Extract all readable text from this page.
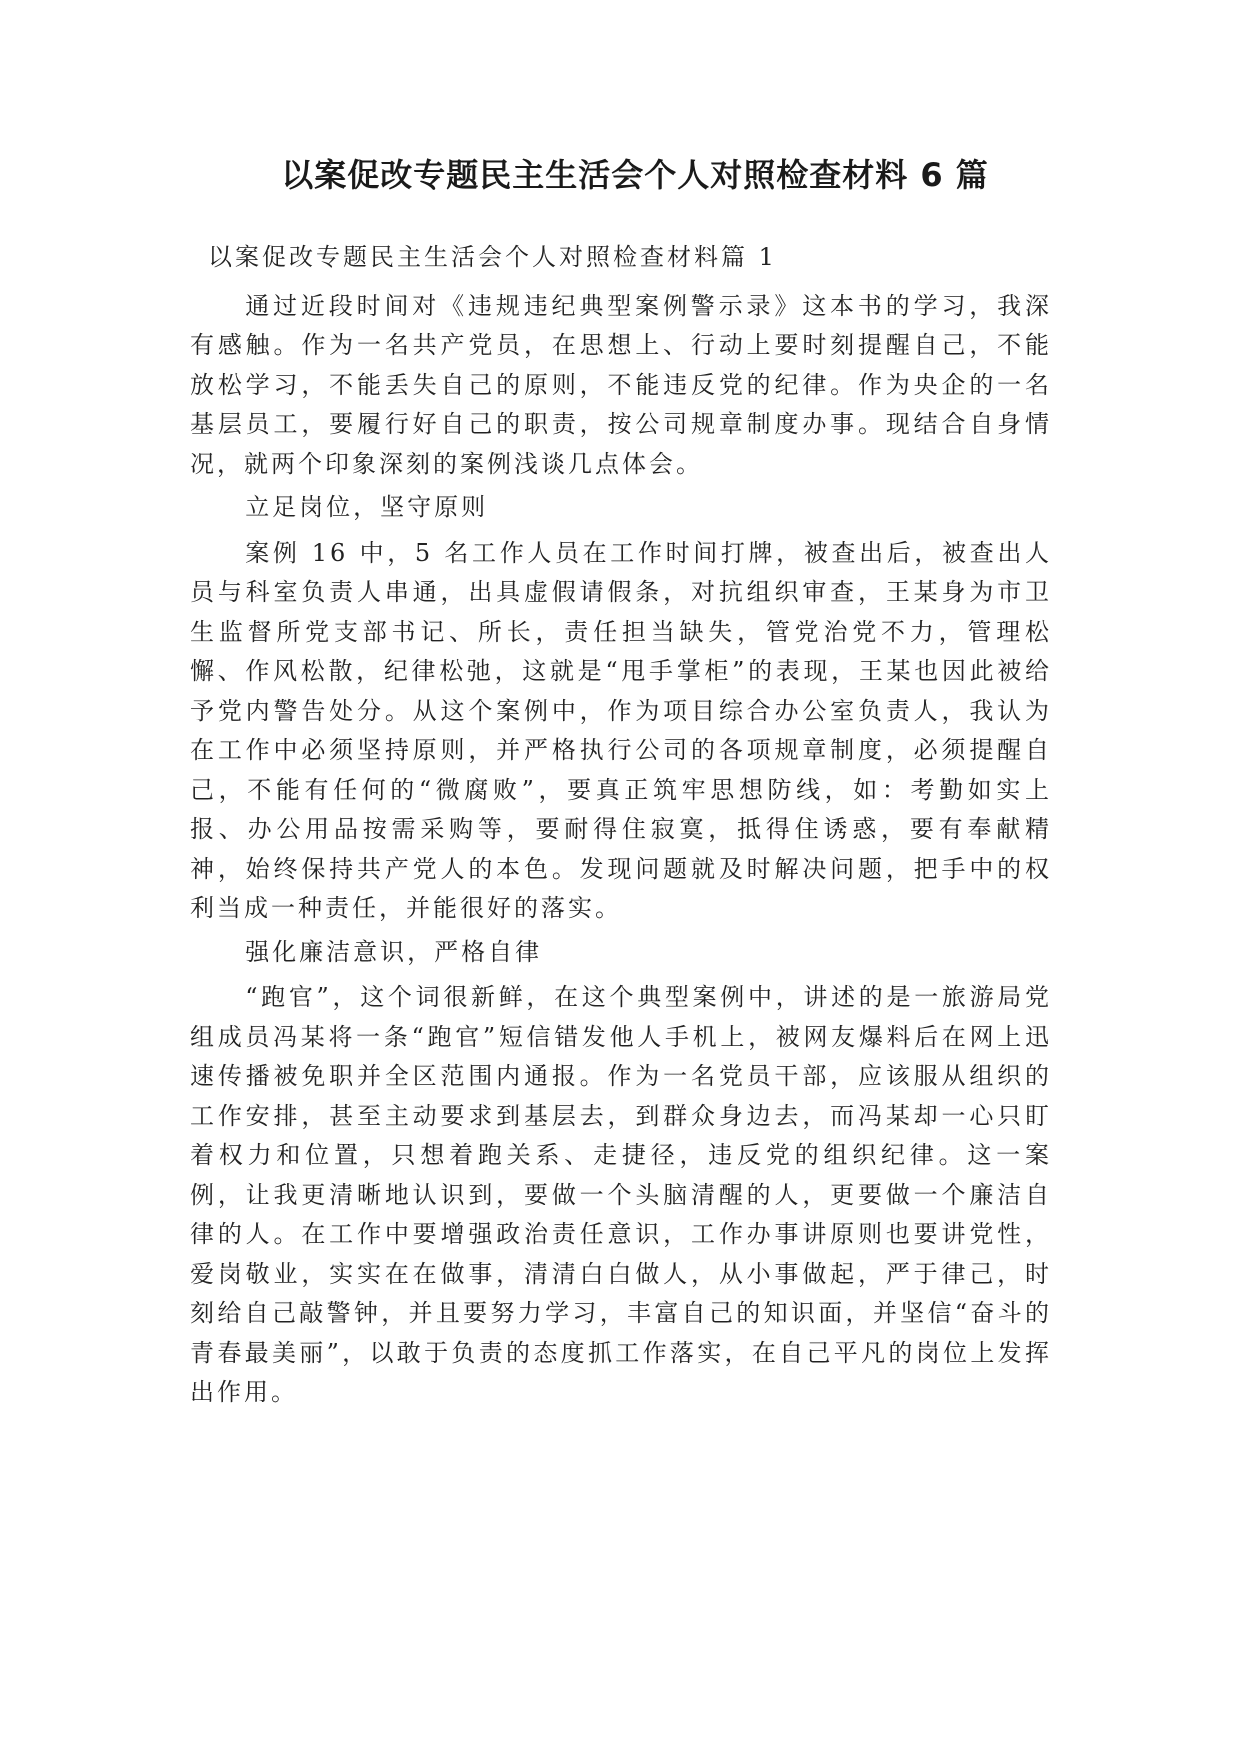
以案促改专题民主生活会个人对照检查材料 6 篇

以案促改专题民主生活会个人对照检查材料篇 1

通过近段时间对《违规违纪典型案例警示录》这本书的学习，我深有感触。作为一名共产党员，在思想上、行动上要时刻提醒自己，不能放松学习，不能丢失自己的原则，不能违反党的纪律。作为央企的一名基层员工，要履行好自己的职责，按公司规章制度办事。现结合自身情况，就两个印象深刻的案例浅谈几点体会。

立足岗位，坚守原则

案例 16 中，5 名工作人员在工作时间打牌，被查出后，被查出人员与科室负责人串通，出具虚假请假条，对抗组织审查，王某身为市卫生监督所党支部书记、所长，责任担当缺失，管党治党不力，管理松懈、作风松散，纪律松弛，这就是“甩手掌柜”的表现，王某也因此被给予党内警告处分。从这个案例中，作为项目综合办公室负责人，我认为在工作中必须坚持原则，并严格执行公司的各项规章制度，必须提醒自己，不能有任何的“微腐败”，要真正筑牢思想防线，如：考勤如实上报、办公用品按需采购等，要耐得住寂寞，抵得住诱惑，要有奉献精神，始终保持共产党人的本色。发现问题就及时解决问题，把手中的权利当成一种责任，并能很好的落实。

强化廉洁意识，严格自律

“跑官”，这个词很新鲜，在这个典型案例中，讲述的是一旅游局党组成员冯某将一条“跑官”短信错发他人手机上，被网友爆料后在网上迅速传播被免职并全区范围内通报。作为一名党员干部，应该服从组织的工作安排，甚至主动要求到基层去，到群众身边去，而冯某却一心只盯着权力和位置，只想着跑关系、走捷径，违反党的组织纪律。这一案例，让我更清晰地认识到，要做一个头脑清醒的人，更要做一个廉洁自律的人。在工作中要增强政治责任意识，工作办事讲原则也要讲党性，爱岗敬业，实实在在做事，清清白白做人，从小事做起，严于律己，时刻给自己敲警钟，并且要努力学习，丰富自己的知识面，并坚信“奋斗的青春最美丽”，以敢于负责的态度抓工作落实，在自己平凡的岗位上发挥出作用。
